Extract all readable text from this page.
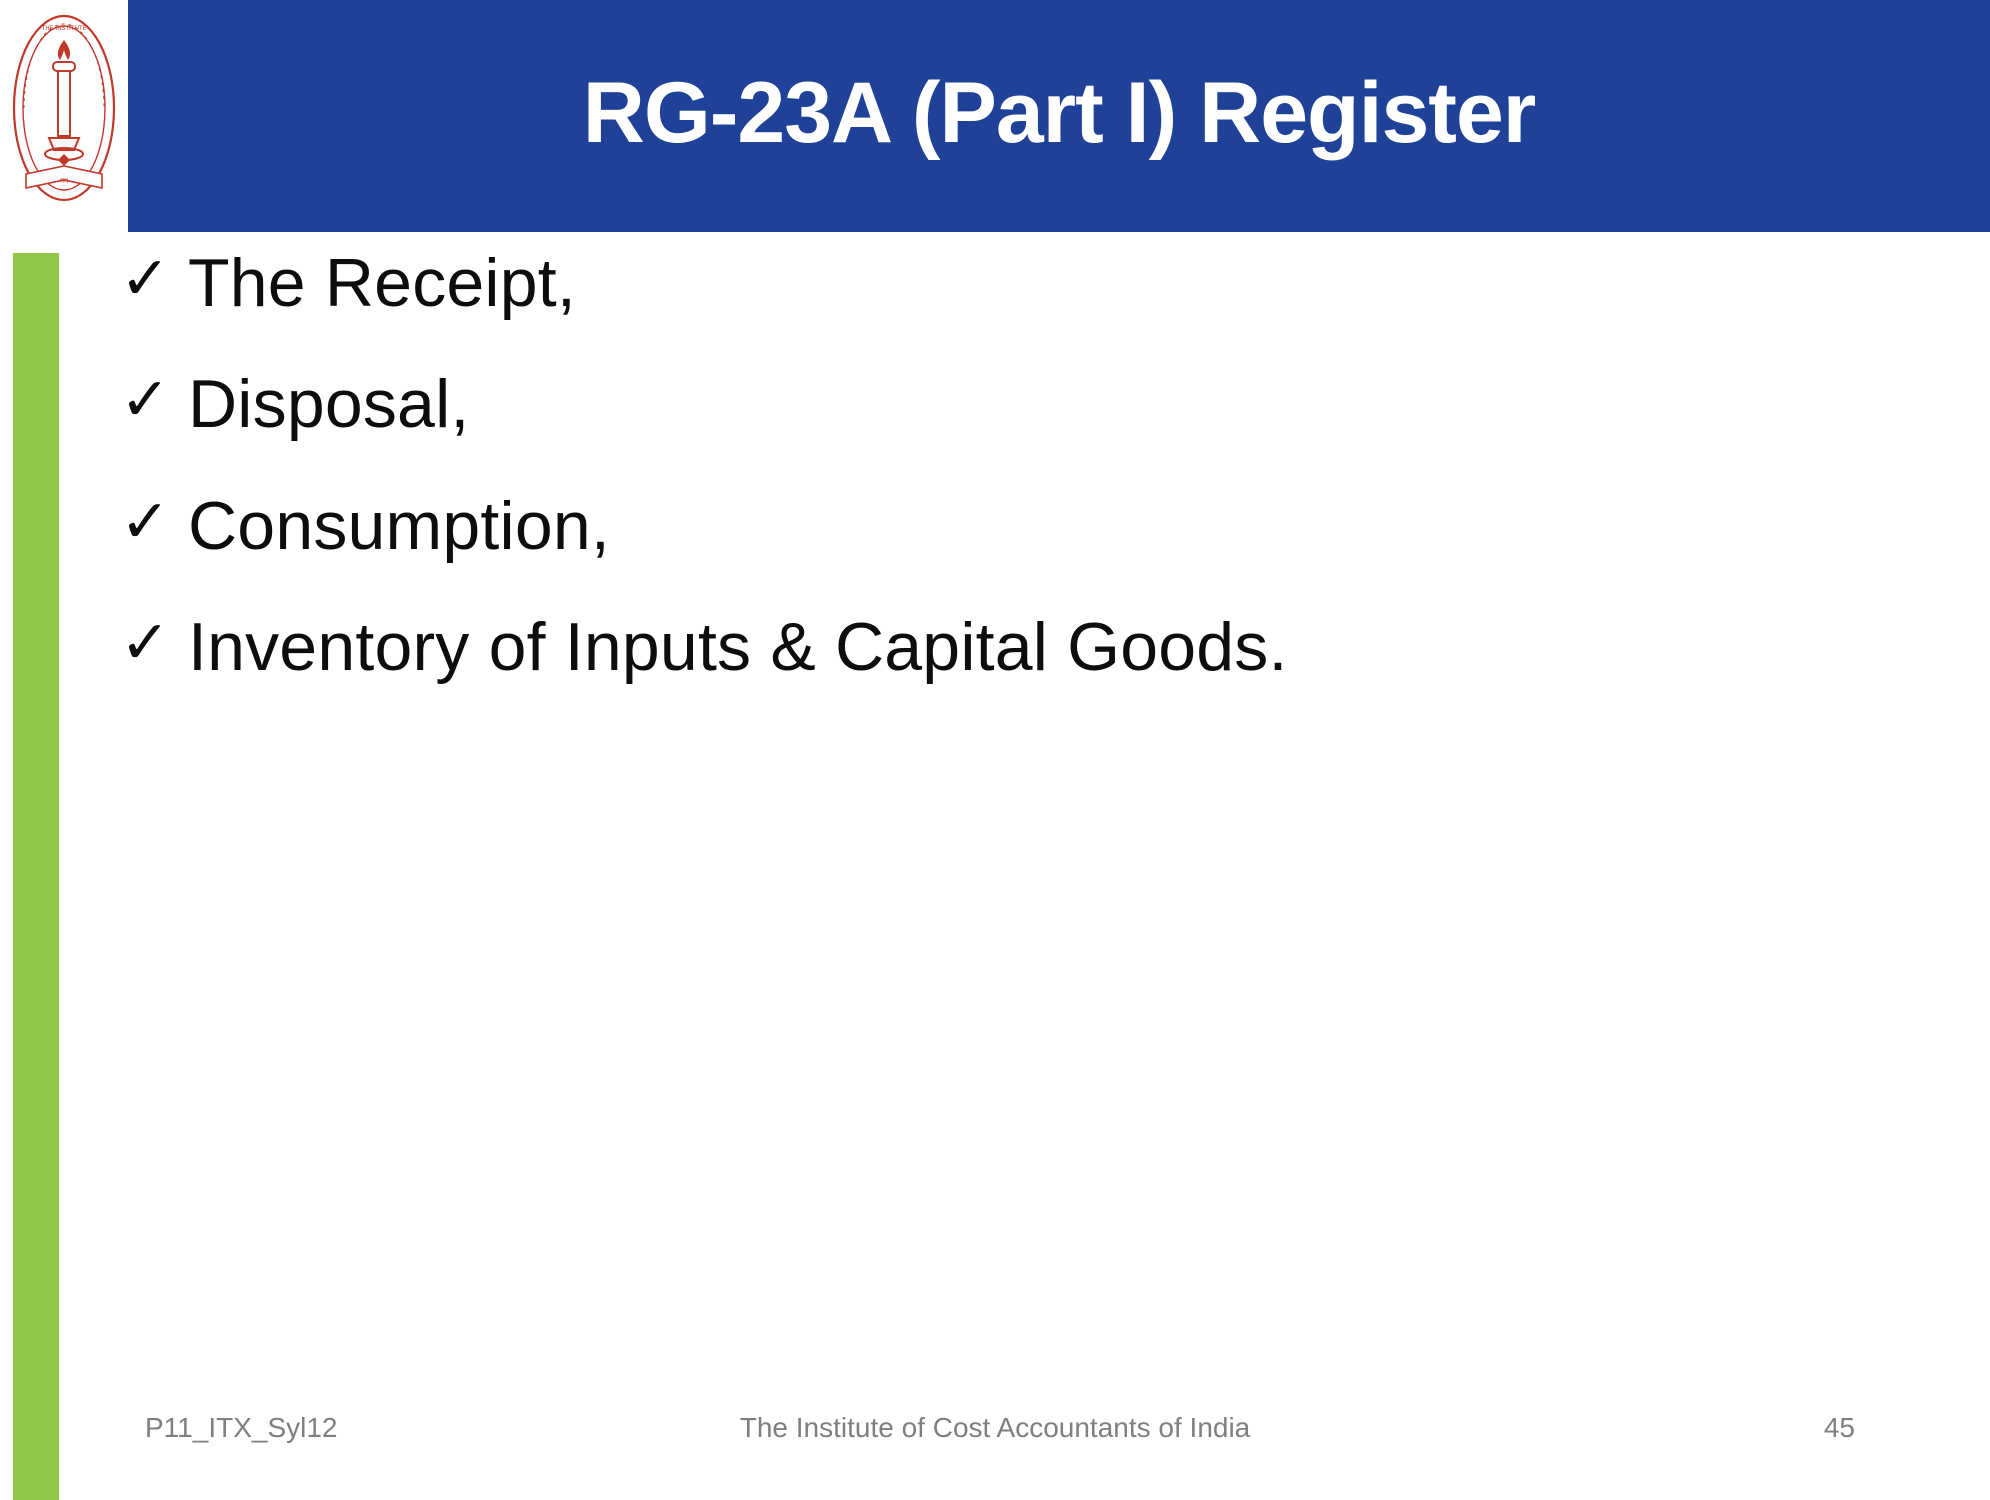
RG-23A (Part I) Register
मम
THE INSTITUTE
✓ The Receipt,
✓ Disposal,
✓ Consumption,
✓ Inventory of Inputs & Capital Goods.
P11_ITX_Syl12	The Institute of Cost Accountants of India	45
